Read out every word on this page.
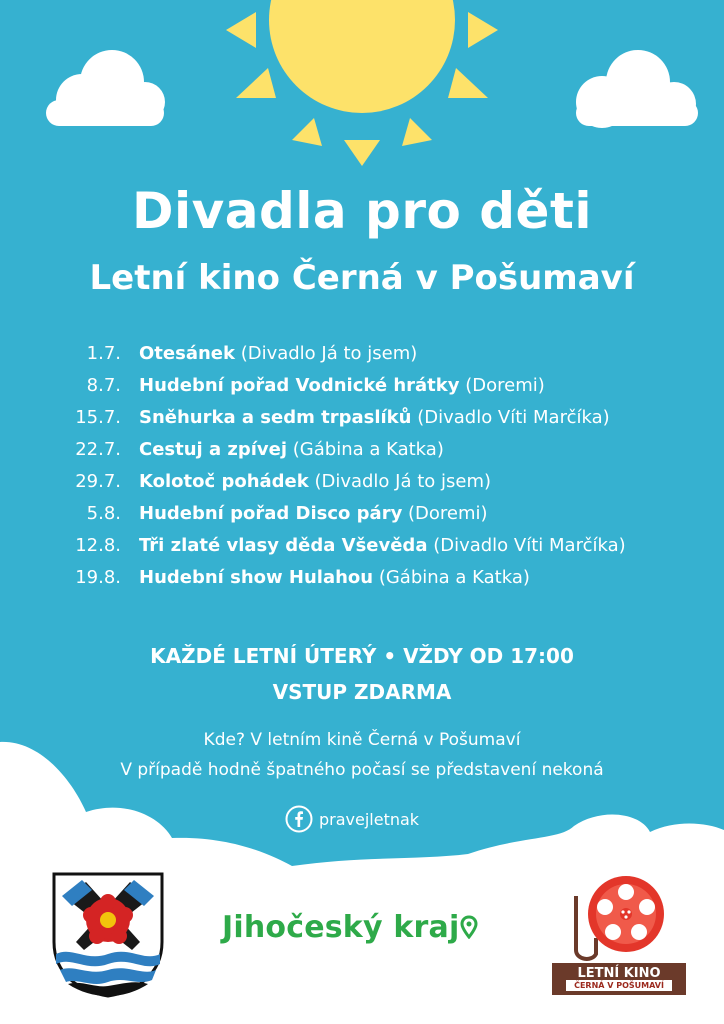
Divadla pro děti
Letní kino Černá v Pošumaví
1.7. Otesánek (Divadlo Já to jsem)
8.7. Hudební pořad Vodnické hrátky (Doremi)
15.7. Sněhurka a sedm trpaslíků (Divadlo Víti Marčíka)
22.7. Cestuj a zpívej (Gábina a Katka)
29.7. Kolotoč pohádek (Divadlo Já to jsem)
5.8. Hudební pořad Disco páry (Doremi)
12.8. Tři zlaté vlasy děda Vševěda (Divadlo Víti Marčíka)
19.8. Hudební show Hulahou (Gábina a Katka)
KAŽDÉ LETNÍ ÚTERÝ • VŽDY OD 17:00
VSTUP ZDARMA
Kde? V letním kině Černá v Pošumaví
V případě hodně špatného počasí se představení nekoná
pravejletnak
Jihočeský kraj
LETNÍ KINO
ČERNÁ V POŠUMAVÍ
